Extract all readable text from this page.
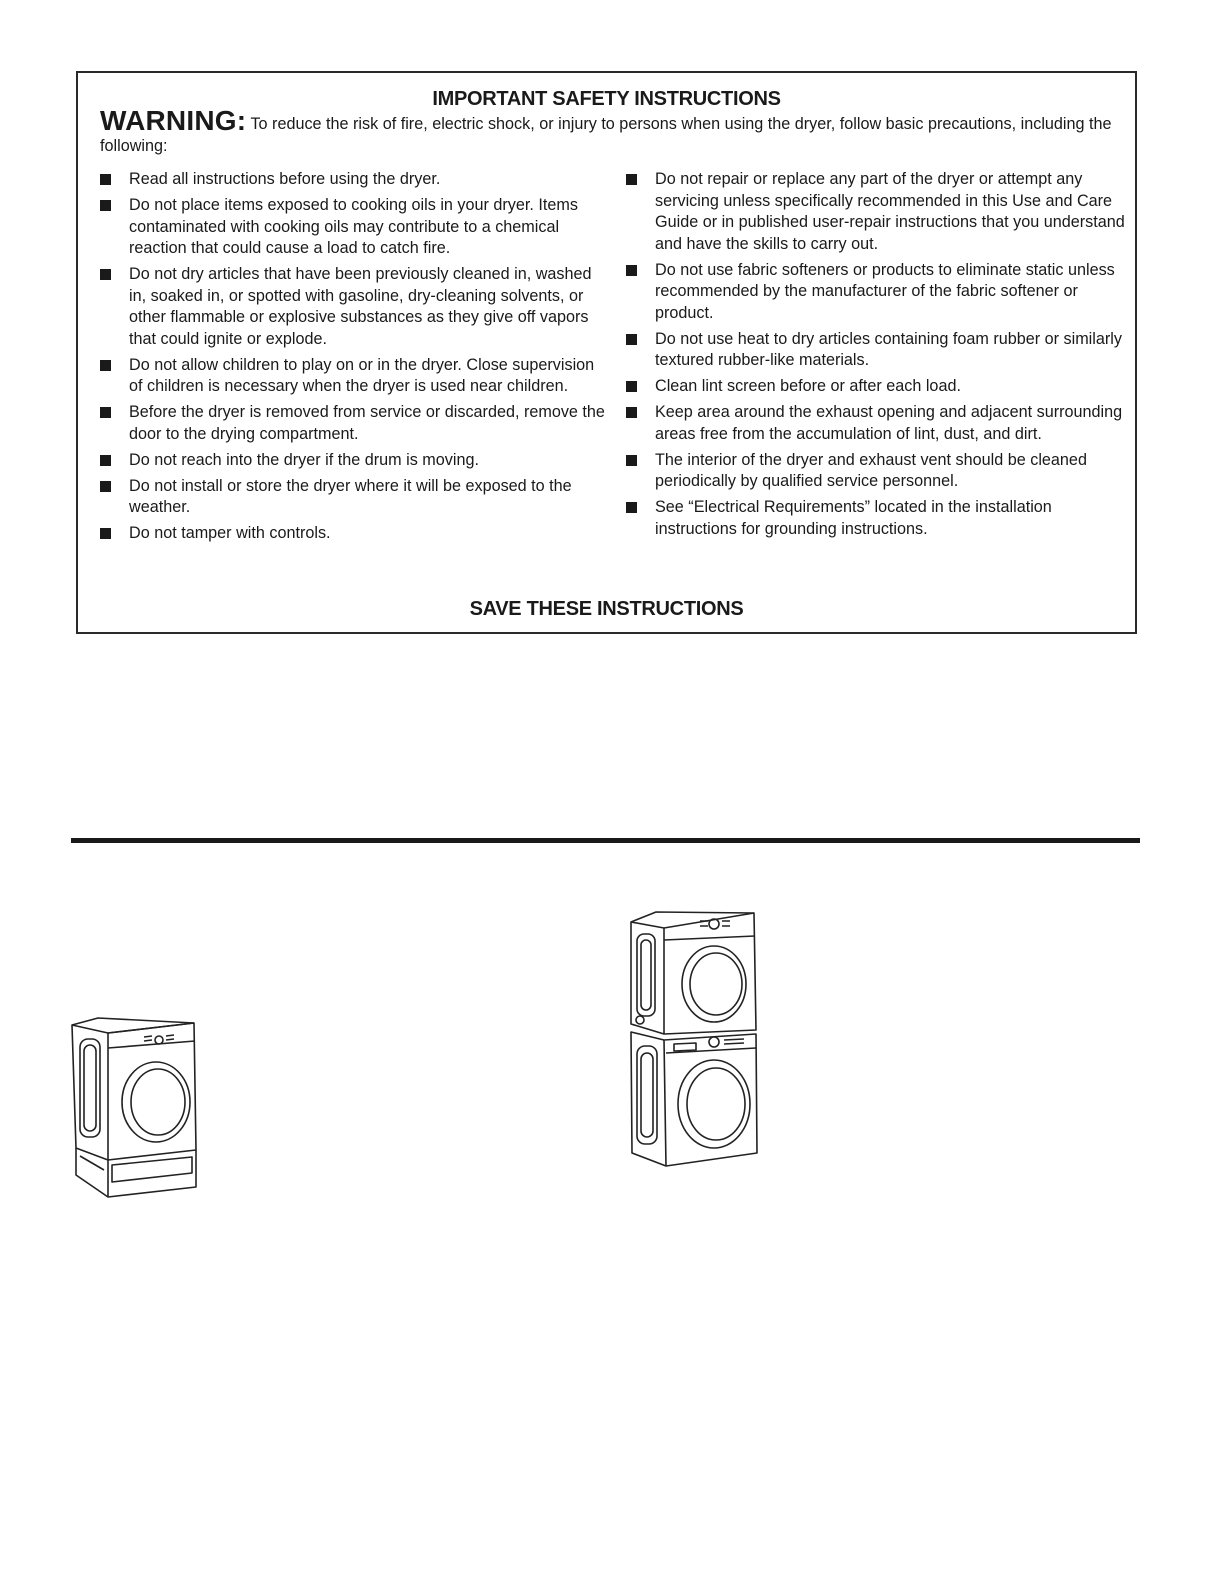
IMPORTANT SAFETY INSTRUCTIONS
WARNING: To reduce the risk of fire, electric shock, or injury to persons when using the dryer, follow basic precautions, including the following:
Read all instructions before using the dryer.
Do not place items exposed to cooking oils in your dryer. Items contaminated with cooking oils may contribute to a chemical reaction that could cause a load to catch fire.
Do not dry articles that have been previously cleaned in, washed in, soaked in, or spotted with gasoline, dry-cleaning solvents, or other flammable or explosive substances as they give off vapors that could ignite or explode.
Do not allow children to play on or in the dryer. Close supervision of children is necessary when the dryer is used near children.
Before the dryer is removed from service or discarded, remove the door to the drying compartment.
Do not reach into the dryer if the drum is moving.
Do not install or store the dryer where it will be exposed to the weather.
Do not tamper with controls.
Do not repair or replace any part of the dryer or attempt any servicing unless specifically recommended in this Use and Care Guide or in published user-repair instructions that you understand and have the skills to carry out.
Do not use fabric softeners or products to eliminate static unless recommended by the manufacturer of the fabric softener or product.
Do not use heat to dry articles containing foam rubber or similarly textured rubber-like materials.
Clean lint screen before or after each load.
Keep area around the exhaust opening and adjacent surrounding areas free from the accumulation of lint, dust, and dirt.
The interior of the dryer and exhaust vent should be cleaned periodically by qualified service personnel.
See “Electrical Requirements” located in the installation instructions for grounding instructions.
SAVE THESE INSTRUCTIONS
